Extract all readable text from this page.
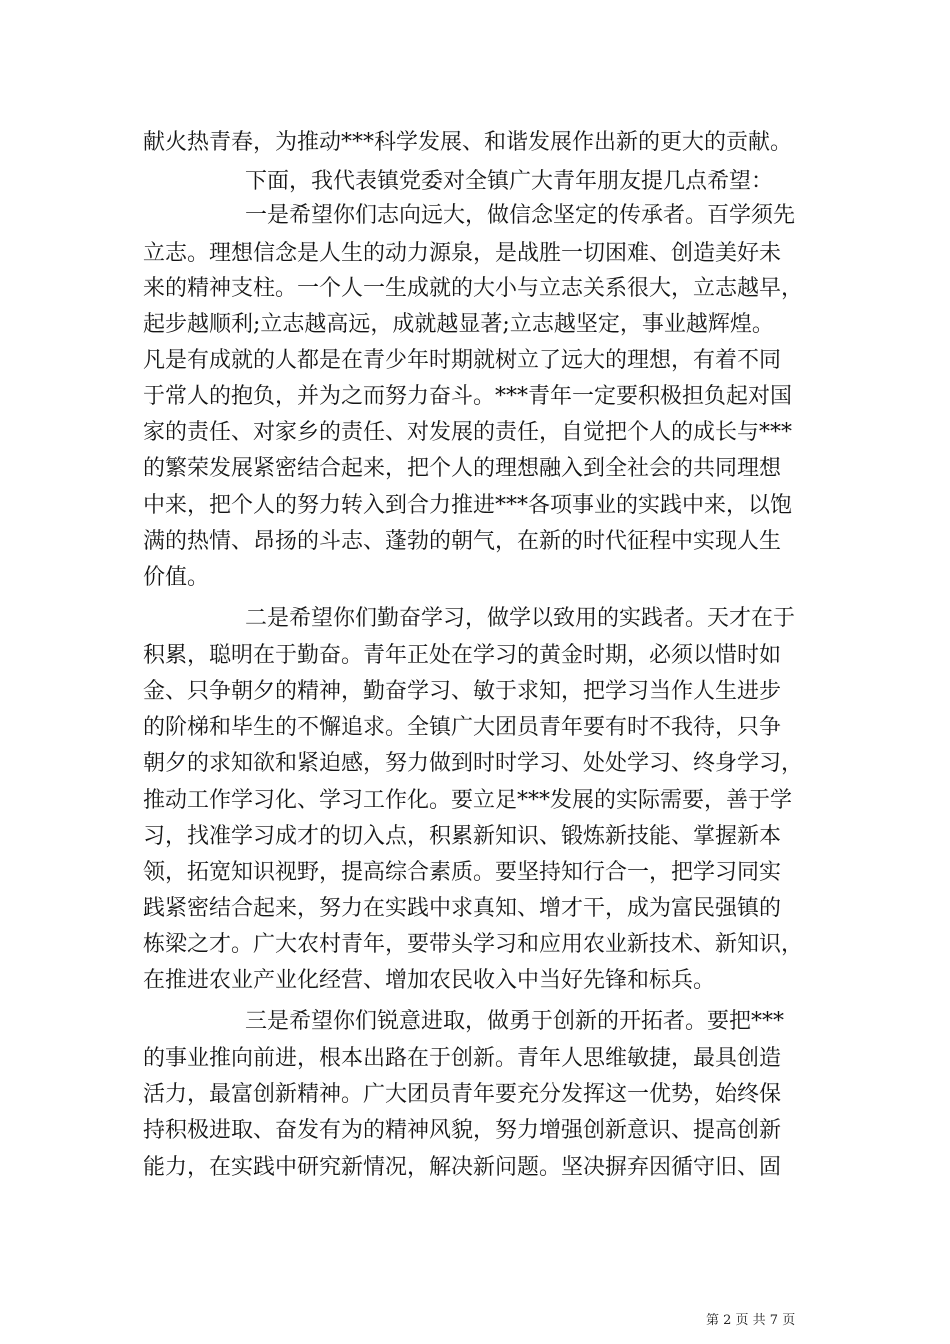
献火热青春，为推动***科学发展、和谐发展作出新的更大的贡献。
下面，我代表镇党委对全镇广大青年朋友提几点希望：
一是希望你们志向远大，做信念坚定的传承者。百学须先
立志。理想信念是人生的动力源泉，是战胜一切困难、创造美好未
来的精神支柱。一个人一生成就的大小与立志关系很大，立志越早，
起步越顺利;立志越高远，成就越显著;立志越坚定，事业越辉煌。
凡是有成就的人都是在青少年时期就树立了远大的理想，有着不同
于常人的抱负，并为之而努力奋斗。***青年一定要积极担负起对国
家的责任、对家乡的责任、对发展的责任，自觉把个人的成长与***
的繁荣发展紧密结合起来，把个人的理想融入到全社会的共同理想
中来，把个人的努力转入到合力推进***各项事业的实践中来，以饱
满的热情、昂扬的斗志、蓬勃的朝气，在新的时代征程中实现人生
价值。
二是希望你们勤奋学习，做学以致用的实践者。天才在于
积累，聪明在于勤奋。青年正处在学习的黄金时期，必须以惜时如
金、只争朝夕的精神，勤奋学习、敏于求知，把学习当作人生进步
的阶梯和毕生的不懈追求。全镇广大团员青年要有时不我待，只争
朝夕的求知欲和紧迫感，努力做到时时学习、处处学习、终身学习，
推动工作学习化、学习工作化。要立足***发展的实际需要，善于学
习，找准学习成才的切入点，积累新知识、锻炼新技能、掌握新本
领，拓宽知识视野，提高综合素质。要坚持知行合一，把学习同实
践紧密结合起来，努力在实践中求真知、增才干，成为富民强镇的
栋梁之才。广大农村青年，要带头学习和应用农业新技术、新知识，
在推进农业产业化经营、增加农民收入中当好先锋和标兵。
三是希望你们锐意进取，做勇于创新的开拓者。要把***
的事业推向前进，根本出路在于创新。青年人思维敏捷，最具创造
活力，最富创新精神。广大团员青年要充分发挥这一优势，始终保
持积极进取、奋发有为的精神风貌，努力增强创新意识、提高创新
能力，在实践中研究新情况，解决新问题。坚决摒弃因循守旧、固
第 2 页 共 7 页
